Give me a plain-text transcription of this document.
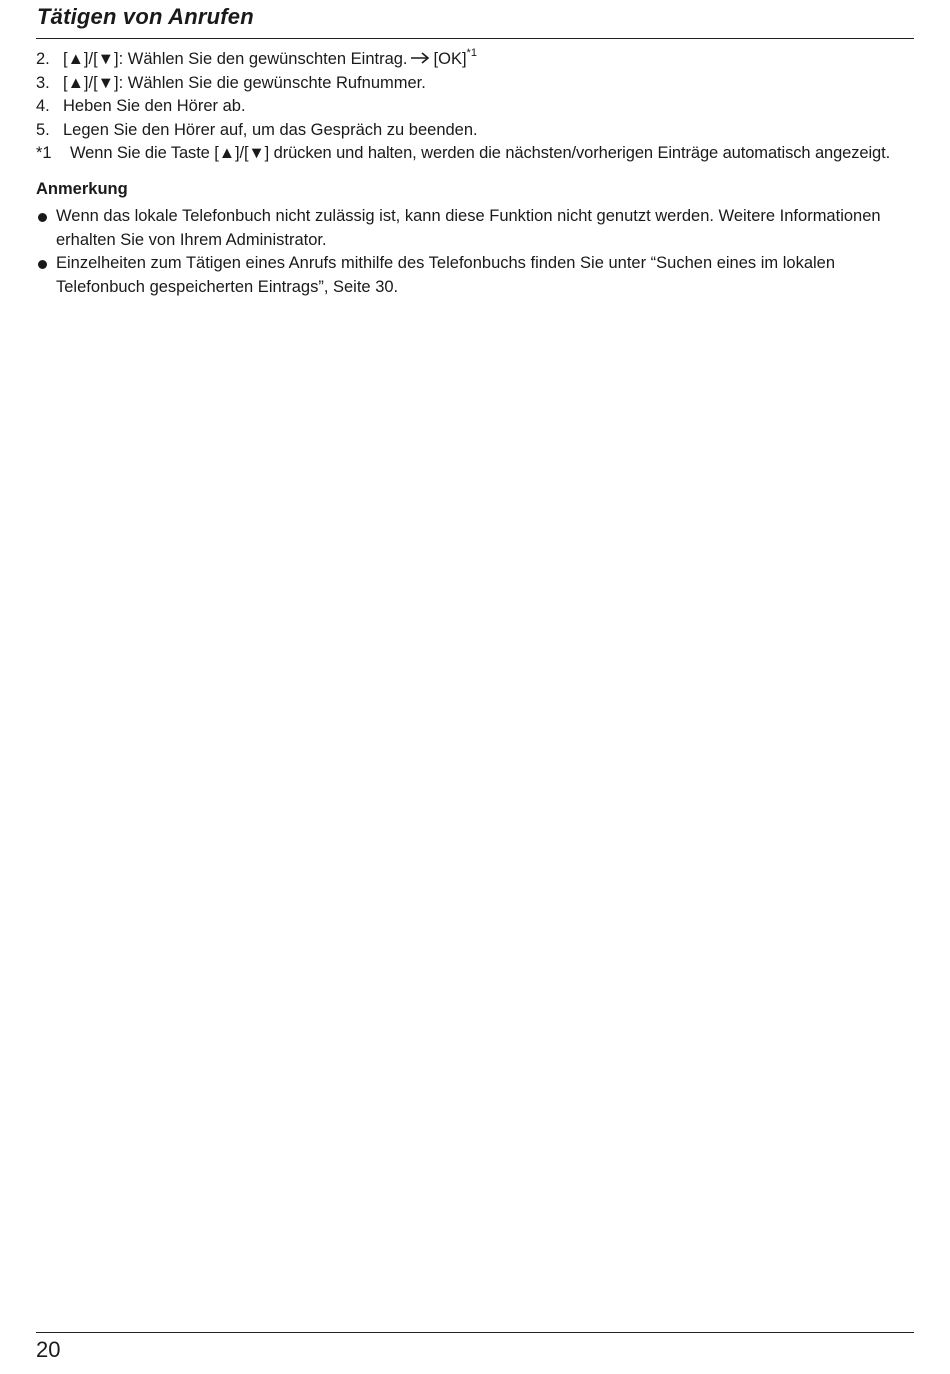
Tätigen von Anrufen
2. [▲]/[▼]: Wählen Sie den gewünschten Eintrag. [OK]$^{*1}$
3. [▲]/[▼]: Wählen Sie die gewünschte Rufnummer.
4. Heben Sie den Hörer ab.
5. Legen Sie den Hörer auf, um das Gespräch zu beenden.
*1 Wenn Sie die Taste [▲]/[▼] drücken und halten, werden die nächsten/vorherigen Einträge automatisch angezeigt.
Anmerkung
Wenn das lokale Telefonbuch nicht zulässig ist, kann diese Funktion nicht genutzt werden. Weitere Informationen erhalten Sie von Ihrem Administrator.
Einzelheiten zum Tätigen eines Anrufs mithilfe des Telefonbuchs finden Sie unter “Suchen eines im lokalen Telefonbuch gespeicherten Eintrags”, Seite 30.
20
